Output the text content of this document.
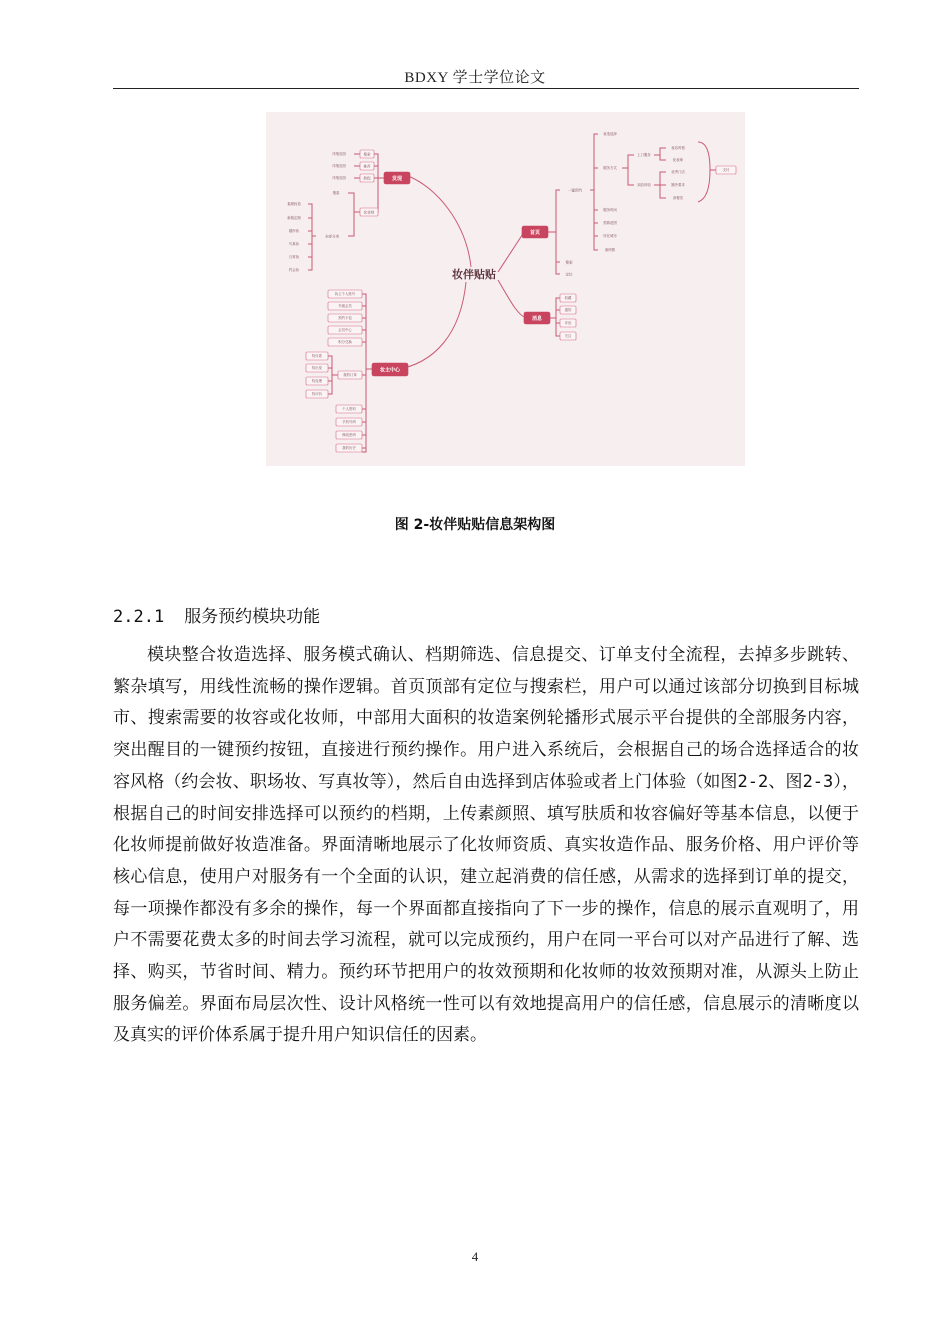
BDXY 学士学位论文
妆伴贴贴
发现
搜索
详细页面
推荐
详细页面
教程
详细页面
化妆师
搜索
全部分类
素颜妆造
新娘定制
婚纱妆
写真妆
日常妆
约会妆
首页
一键预约
搜索
定位
妆造选择
服务方式
服务时间
预算范围
所在城市
案例图
上门服务
到店体验
妆容风格
化妆师
优秀门店
额外要求
套餐类
支付
消息
收藏
通知
评论
关注
妆主中心
妆主个人账号
升级会员
预约卡包
会员中心
积分兑换
我的订单
待付款
待出发
待处理
待评价
个人资料
手机号码
修改密码
我的历史
图 2-妆伴贴贴信息架构图
2.2.1 服务预约模块功能

模块整合妆造选择、服务模式确认、档期筛选、信息提交、订单支付全流程，去掉多步跳转、繁杂填写，用线性流畅的操作逻辑。首页顶部有定位与搜索栏，用户可以通过该部分切换到目标城市、搜索需要的妆容或化妆师，中部用大面积的妆造案例轮播形式展示平台提供的全部服务内容，突出醒目的一键预约按钮，直接进行预约操作。用户进入系统后，会根据自己的场合选择适合的妆容风格（约会妆、职场妆、写真妆等），然后自由选择到店体验或者上门体验（如图2-2、图2-3），根据自己的时间安排选择可以预约的档期，上传素颜照、填写肤质和妆容偏好等基本信息，以便于化妆师提前做好妆造准备。界面清晰地展示了化妆师资质、真实妆造作品、服务价格、用户评价等核心信息，使用户对服务有一个全面的认识，建立起消费的信任感，从需求的选择到订单的提交，每一项操作都没有多余的操作，每一个界面都直接指向了下一步的操作，信息的展示直观明了，用户不需要花费太多的时间去学习流程，就可以完成预约，用户在同一平台可以对产品进行了解、选择、购买，节省时间、精力。预约环节把用户的妆效预期和化妆师的妆效预期对准，从源头上防止服务偏差。界面布局层次性、设计风格统一性可以有效地提高用户的信任感，信息展示的清晰度以及真实的评价体系属于提升用户知识信任的因素。

4
